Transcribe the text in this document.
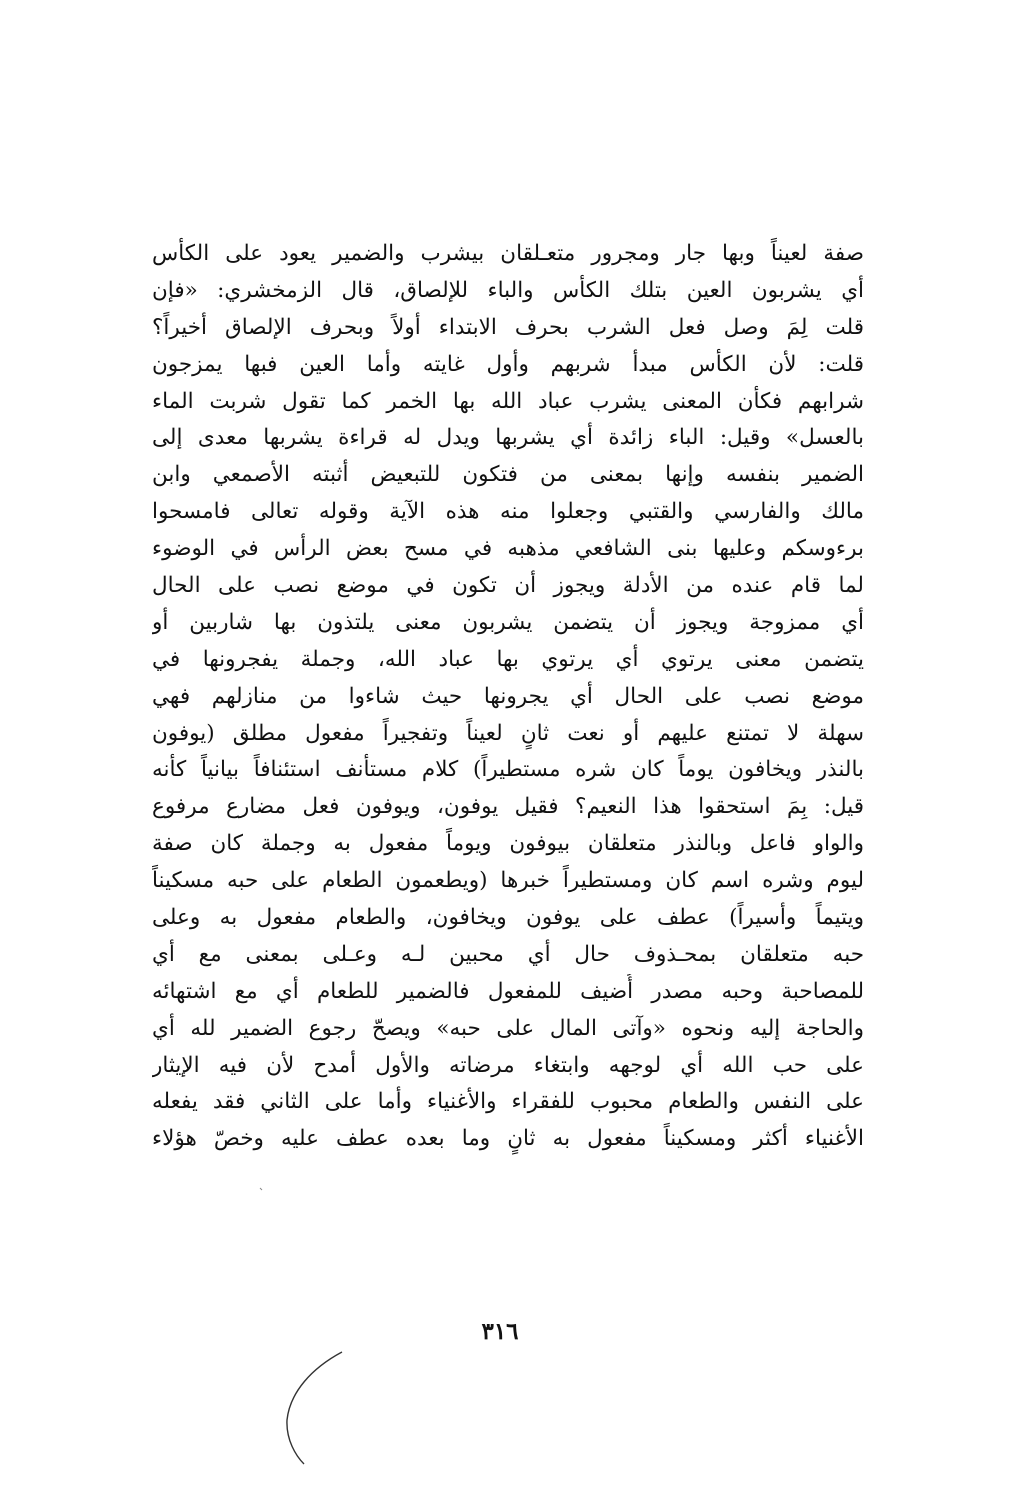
صفة لعيناً وبها جار ومجرور متعـلقان بيشرب والضمير يعود على الكأس
أي يشربون العين بتلك الكأس والباء للإلصاق، قال الزمخشري: «فإن
قلت لِمَ وصل فعل الشرب بحرف الابتداء أولاً وبحرف الإلصاق أخيراً؟
قلت: لأن الكأس مبدأ شربهم وأول غايته وأما العين فبها يمزجون
شرابهم فكأن المعنى يشرب عباد الله بها الخمر كما تقول شربت الماء
بالعسل» وقيل: الباء زائدة أي يشربها ويدل له قراءة يشربها معدى إلى
الضمير بنفسه وإنها بمعنى من فتكون للتبعيض أثبته الأصمعي وابن
مالك والفارسي والقتبي وجعلوا منه هذه الآية وقوله تعالى فامسحوا
برءوسكم وعليها بنى الشافعي مذهبه في مسح بعض الرأس في الوضوء
لما قام عنده من الأدلة ويجوز أن تكون في موضع نصب على الحال
أي ممزوجة ويجوز أن يتضمن يشربون معنى يلتذون بها شاربين أو
يتضمن معنى يرتوي أي يرتوي بها عباد الله، وجملة يفجرونها في
موضع نصب على الحال أي يجرونها حيث شاءوا من منازلهم فهي
سهلة لا تمتنع عليهم أو نعت ثانٍ لعيناً وتفجيراً مفعول مطلق (يوفون
بالنذر ويخافون يوماً كان شره مستطيراً) كلام مستأنف استئنافاً بيانياً كأنه
قيل: بِمَ استحقوا هذا النعيم؟ فقيل يوفون، ويوفون فعل مضارع مرفوع
والواو فاعل وبالنذر متعلقان بيوفون ويوماً مفعول به وجملة كان صفة
ليوم وشره اسم كان ومستطيراً خبرها (ويطعمون الطعام على حبه مسكيناً
ويتيماً وأسيراً) عطف على يوفون ويخافون، والطعام مفعول به وعلى
حبه متعلقان بمحـذوف حال أي محبين لـه وعـلى بمعنى مع أي
للمصاحبة وحبه مصدر أُضيف للمفعول فالضمير للطعام أي مع اشتهائه
والحاجة إليه ونحوه «وآتى المال على حبه» ويصحّ رجوع الضمير لله أي
على حب الله أي لوجهه وابتغاء مرضاته والأول أمدح لأن فيه الإيثار
على النفس والطعام محبوب للفقراء والأغنياء وأما على الثاني فقد يفعله
الأغنياء أكثر ومسكيناً مفعول به ثانٍ وما بعده عطف عليه وخصّ هؤلاء
٣١٦
